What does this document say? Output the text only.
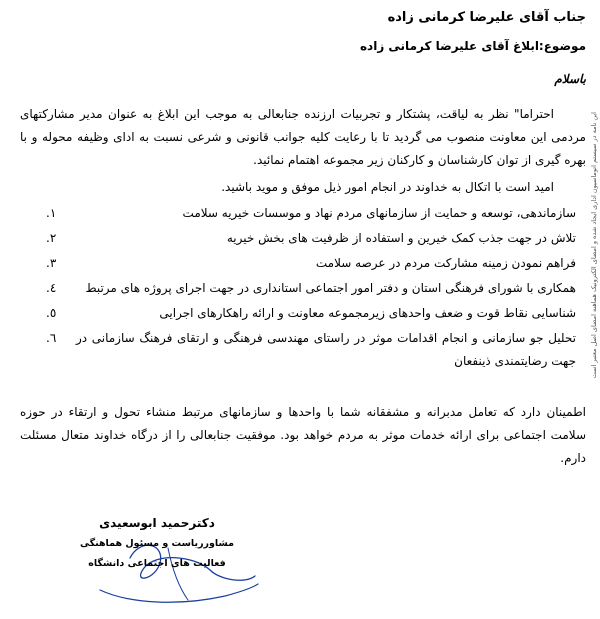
این نامه در سیستم اتوماسیون اداری ایجاد شده و امضای الکترونیک هماهنه امضای اصل معتبر است
جناب آقای علیرضا کرمانی زاده
موضوع:ابلاغ آقای علیرضا کرمانی زاده
باسلام
احتراما" نظر به لیاقت، پشتکار و تجربیات ارزنده جنابعالی به موجب این ابلاغ به عنوان مدیر مشارکتهای مردمی این معاونت منصوب می گردید تا با رعایت کلیه جوانب قانونی و شرعی نسبت به ادای وظیفه محوله و با بهره گیری از توان کارشناسان و کارکنان زیر مجموعه اهتمام نمائید.
امید است با اتکال به خداوند در انجام امور ذیل موفق و موید باشید.
سازماندهی، توسعه و حمایت از سازمانهای مردم نهاد و موسسات خیریه سلامت
١.
تلاش در جهت جذب کمک خیرین و استفاده از ظرفیت های بخش خیریه
٢.
فراهم نمودن زمینه مشارکت مردم در عرصه سلامت
٣.
همکاری با شورای فرهنگی استان و دفتر امور اجتماعی استانداری در جهت اجرای پروژه های مرتبط
٤.
شناسایی نقاط قوت و ضعف واحدهای زیرمجموعه معاونت و ارائه راهکارهای اجرایی
٥.
تحلیل جو سازمانی و انجام اقدامات موثر در راستای مهندسی فرهنگی و ارتقای فرهنگ سازمانی در جهت رضایتمندی ذینفعان
٦.
اطمینان دارد که تعامل مدبرانه و مشفقانه شما با واحدها و سازمانهای مرتبط منشاء تحول و ارتقاء در حوزه سلامت اجتماعی برای ارائه خدمات موثر به مردم خواهد بود. موفقیت جنابعالی را از درگاه خداوند متعال مسئلت دارم.
دکترحمید ابوسعیدی
مشاورریاست و مسئول هماهنگی
فعالیت های اجتماعی دانشگاه
